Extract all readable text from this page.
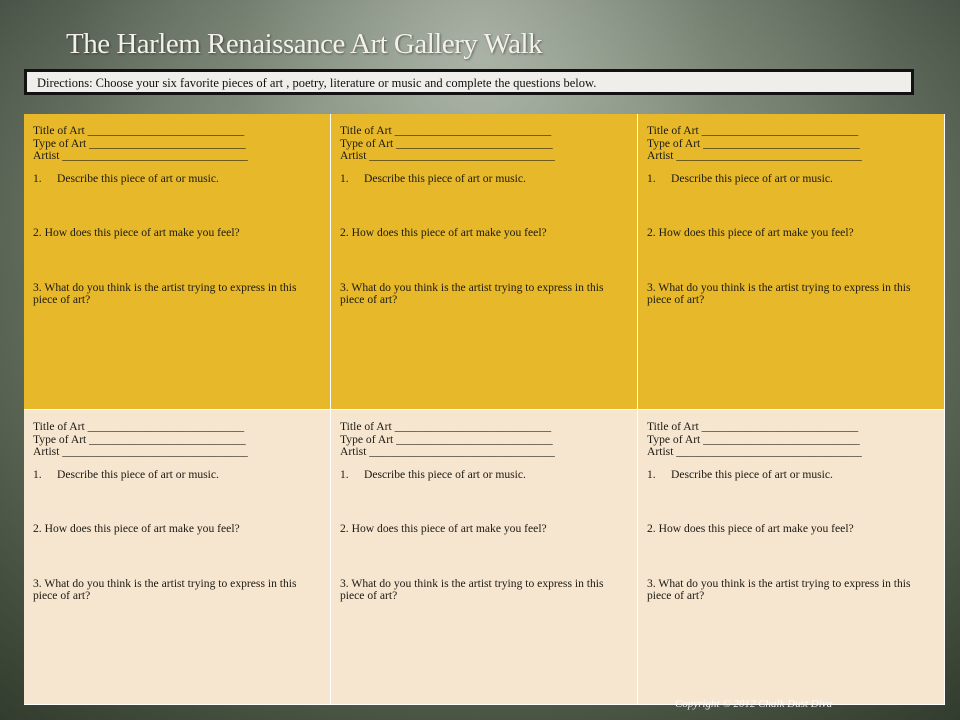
The Harlem Renaissance Art Gallery Walk
Directions: Choose your six favorite pieces of art , poetry, literature or music and complete the questions below.
Title of Art ___________________________
Type of Art ___________________________
Artist ________________________________
1.	Describe this piece of art or music.
2. How does this piece of art make you feel?
3. What do you think is the artist trying to express in this piece of art?
Title of Art ___________________________
Type of Art ___________________________
Artist ________________________________
1.	Describe this piece of art or music.
2. How does this piece of art make you feel?
3. What do you think is the artist trying to express in this piece of art?
Title of Art ___________________________
Type of Art ___________________________
Artist ________________________________
1.	Describe this piece of art or music.
2. How does this piece of art make you feel?
3. What do you think is the artist trying to express in this piece of art?
Title of Art ___________________________
Type of Art ___________________________
Artist ________________________________
1.	Describe this piece of art or music.
2. How does this piece of art make you feel?
3. What do you think is the artist trying to express in this piece of art?
Title of Art ___________________________
Type of Art ___________________________
Artist ________________________________
1.	Describe this piece of art or music.
2. How does this piece of art make you feel?
3. What do you think is the artist trying to express in this piece of art?
Title of Art ___________________________
Type of Art ___________________________
Artist ________________________________
1.	Describe this piece of art or music.
2. How does this piece of art make you feel?
3. What do you think is the artist trying to express in this piece of art?
Copyright © 2012 Chalk Dust Diva
